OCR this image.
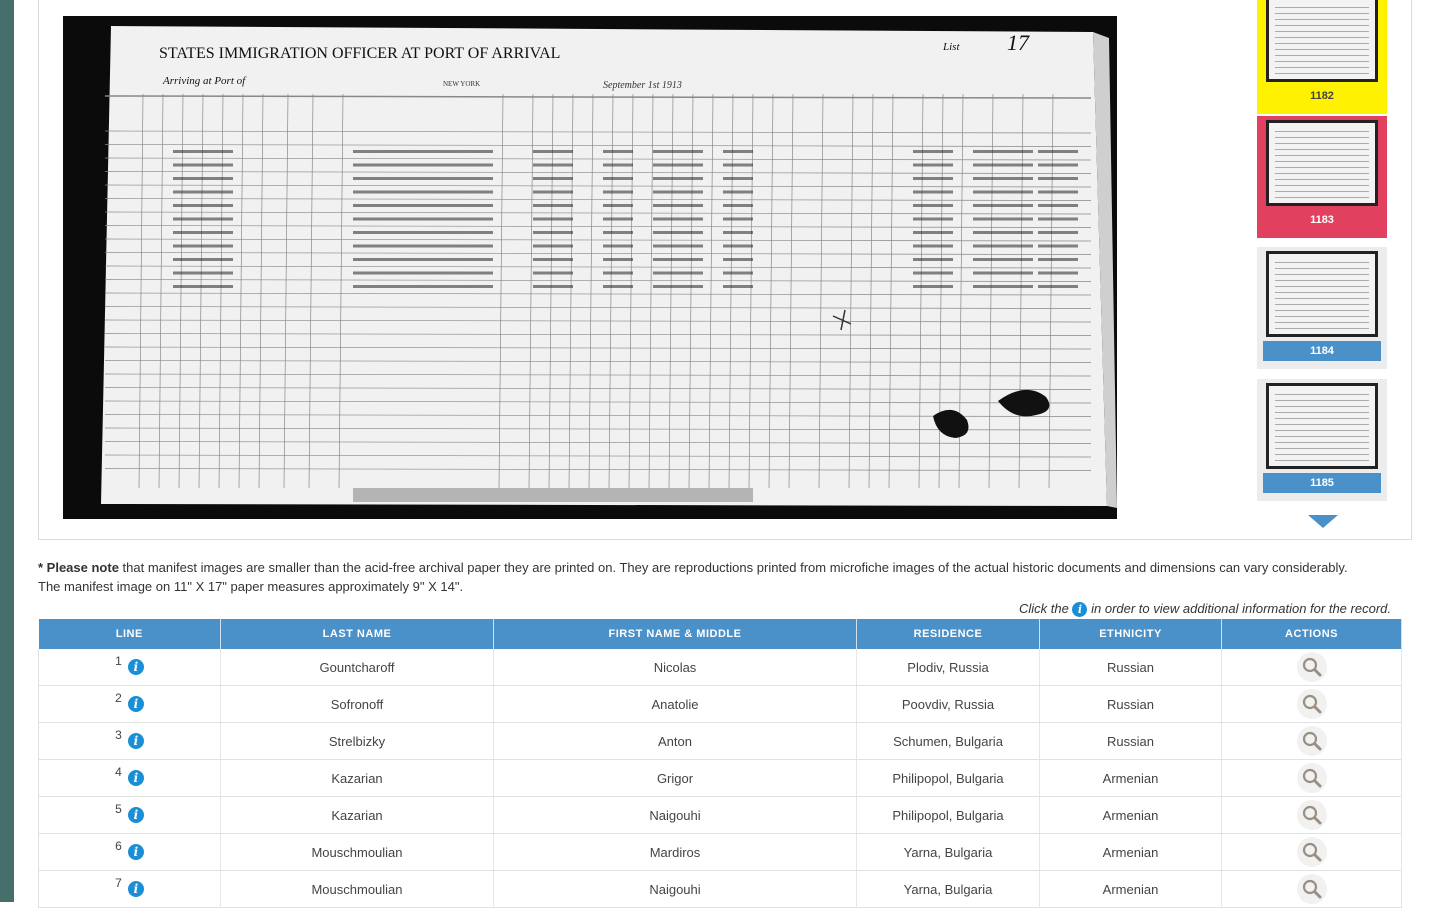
STATES IMMIGRATION OFFICER AT PORT OF ARRIVAL	List 17
Arriving at Port of	NEW YORK	September 1st 1913
1182
1183
1184
1185
* Please note that manifest images are smaller than the acid-free archival paper they are printed on. They are reproductions printed from microfiche images of the actual historic documents and dimensions can vary considerably. The manifest image on 11" X 17" paper measures approximately 9" X 14".
Click the i in order to view additional information for the record.
LINE	LAST NAME	FIRST NAME & MIDDLE	RESIDENCE	ETHNICITY	ACTIONS
1 i	Gountcharoff	Nicolas	Plodiv, Russia	Russian	
2 i	Sofronoff	Anatolie	Poovdiv, Russia	Russian	
3 i	Strelbizky	Anton	Schumen, Bulgaria	Russian	
4 i	Kazarian	Grigor	Philipopol, Bulgaria	Armenian	
5 i	Kazarian	Naigouhi	Philipopol, Bulgaria	Armenian	
6 i	Mouschmoulian	Mardiros	Yarna, Bulgaria	Armenian	
7 i	Mouschmoulian	Naigouhi	Yarna, Bulgaria	Armenian	
